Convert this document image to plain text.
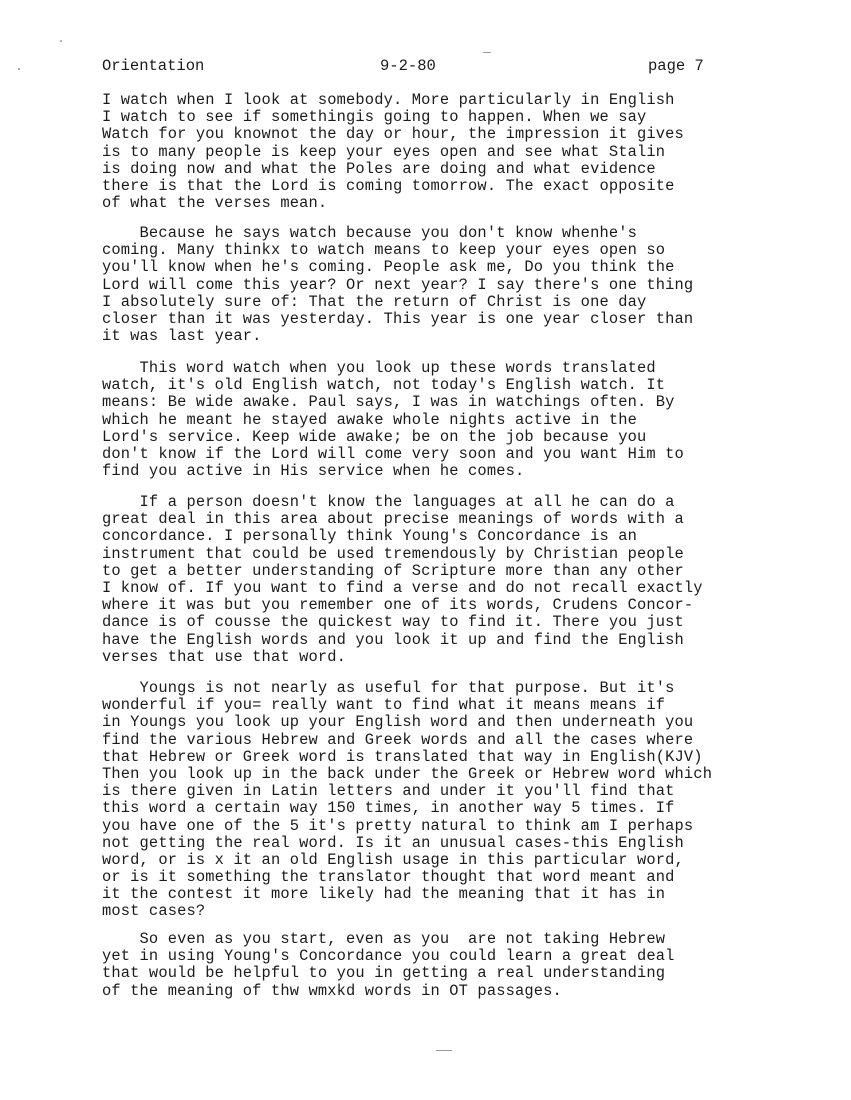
Orientation	9-2-80	page 7
I watch when I look at somebody. More particularly in English
I watch to see if somethingis going to happen. When we say
Watch for you knownot the day or hour, the impression it gives
is to many people is keep your eyes open and see what Stalin
is doing now and what the Poles are doing and what evidence
there is that the Lord is coming tomorrow. The exact opposite
of what the verses mean.
Because he says watch because you don't know whenhe's
coming. Many thinkx to watch means to keep your eyes open so
you'll know when he's coming. People ask me, Do you think the
Lord will come this year? Or next year? I say there's one thing
I absolutely sure of: That the return of Christ is one day
closer than it was yesterday. This year is one year closer than
it was last year.
This word watch when you look up these words translated
watch, it's old English watch, not today's English watch. It
means: Be wide awake. Paul says, I was in watchings often. By
which he meant he stayed awake whole nights active in the
Lord's service. Keep wide awake; be on the job because you
don't know if the Lord will come very soon and you want Him to
find you active in His service when he comes.
If a person doesn't know the languages at all he can do a
great deal in this area about precise meanings of words with a
concordance. I personally think Young's Concordance is an
instrument that could be used tremendously by Christian people
to get a better understanding of Scripture more than any other
I know of. If you want to find a verse and do not recall exactly
where it was but you remember one of its words, Crudens Concor-
dance is of cousse the quickest way to find it. There you just
have the English words and you look it up and find the English
verses that use that word.
Youngs is not nearly as useful for that purpose. But it's
wonderful if you= really want to find what it means means if
in Youngs you look up your English word and then underneath you
find the various Hebrew and Greek words and all the cases where
that Hebrew or Greek word is translated that way in English(KJV)
Then you look up in the back under the Greek or Hebrew word which
is there given in Latin letters and under it you'll find that
this word a certain way 150 times, in another way 5 times. If
you have one of the 5 it's pretty natural to think am I perhaps
not getting the real word. Is it an unusual cases-this English
word, or is x it an old English usage in this particular word,
or is it something the translator thought that word meant and
it the contest it more likely had the meaning that it has in
most cases?
So even as you start, even as you  are not taking Hebrew
yet in using Young's Concordance you could learn a great deal
that would be helpful to you in getting a real understanding
of the meaning of thw wmxkd words in OT passages.
